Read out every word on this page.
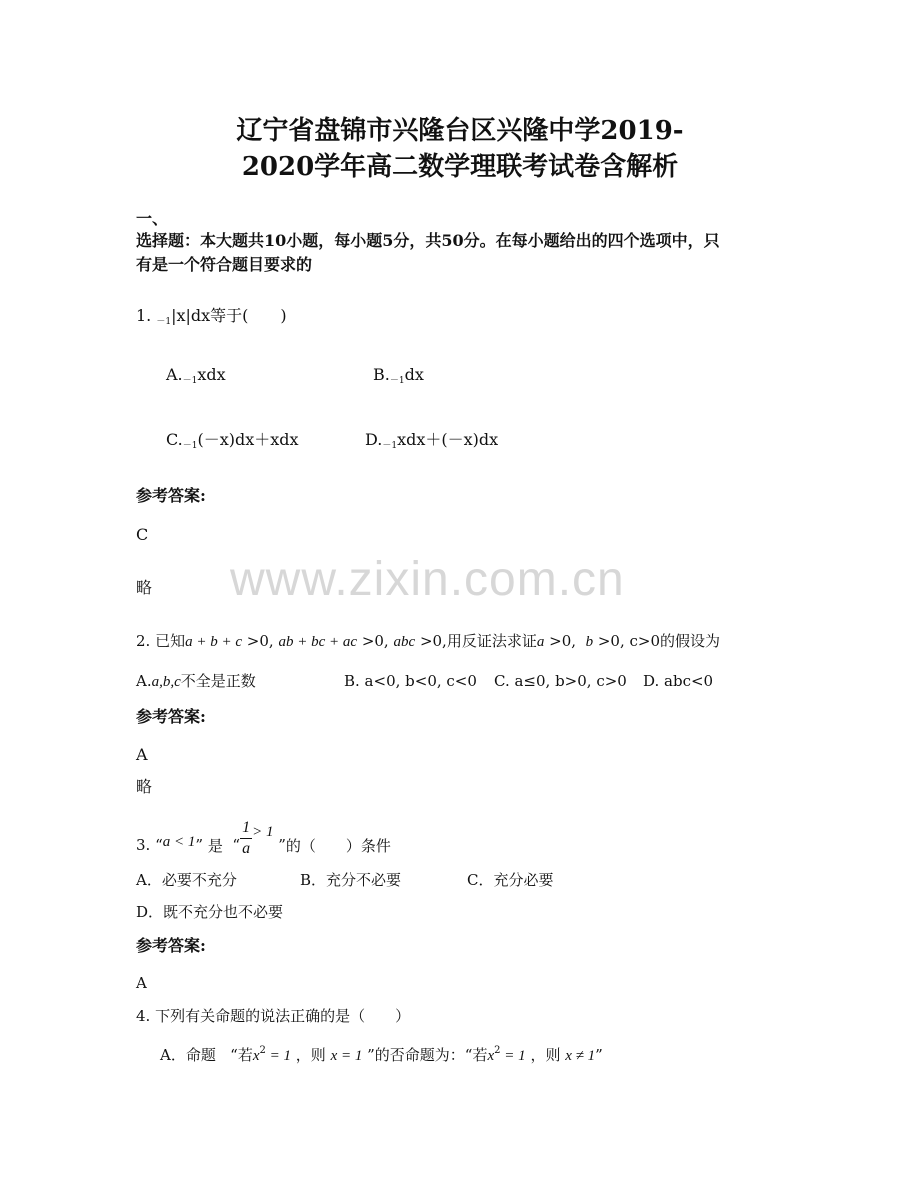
辽宁省盘锦市兴隆台区兴隆中学2019-
2020学年高二数学理联考试卷含解析
一、
选择题：本大题共10小题，每小题5分，共50分。在每小题给出的四个选项中，只
有是一个符合题目要求的
www.zixin.com.cn
1. $_{-1}$|x|dx等于(　　)
$A._{-1}xdx$	$B._{-1}dx$
$C._{-1}(-x)dx+xdx$	$D._{-1}xdx+(-x)dx$
参考答案:
C
略
2. 已知a + b + c >0, ab + bc + ac >0, abc >0,用反证法求证a >0, b >0, c>0的假设为
A.a,b,c不全是正数	B. a<0, b<0, c<0 C. a≤0, b>0, c>0 D. abc<0
参考答案:
A
略
3.
“ a < 1 ”
是
“ $\frac{1}{a} > 1$

” 的（　　）条件
A．必要不充分	B．充分不必要	C．充分必要
D．既不充分也不必要
参考答案:
A
4. 下列有关命题的说法正确的是（　　）
A．命题 “若$x^2 = 1$ ，则 x = 1 ”的否命题为：“若$x^2 = 1$ ，则 x ≠ 1”
